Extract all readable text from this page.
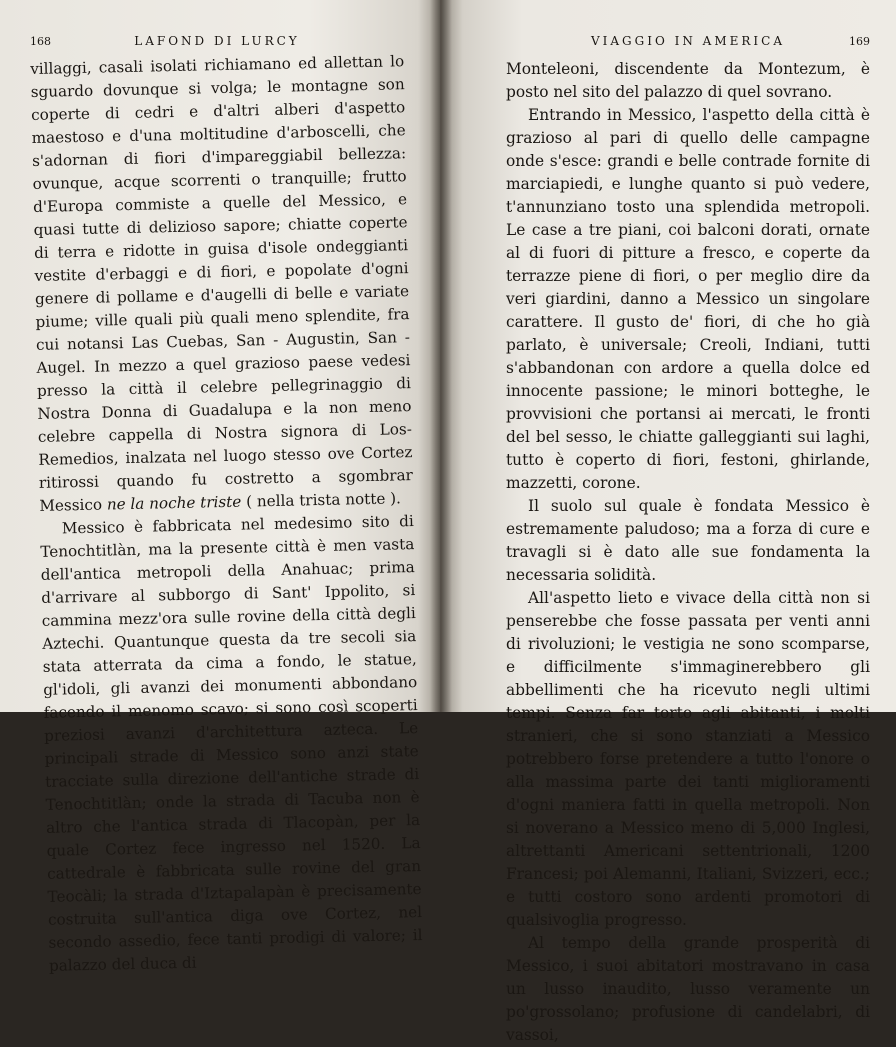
168	LAFOND DI LURCY

villaggi, casali isolati richiamano ed allettan lo sguardo dovunque si volga; le montagne son coperte di cedri e d'altri alberi d'aspetto maestoso e d'una moltitudine d'arboscelli, che s'adornan di fiori d'impareggiabil bellezza: ovunque, acque scorrenti o tranquille; frutto d'Europa commiste a quelle del Messico, e quasi tutte di delizioso sapore; chiatte coperte di terra e ridotte in guisa d'isole ondeggianti vestite d'erbaggi e di fiori, e popolate d'ogni genere di pollame e d'augelli di belle e variate piume; ville quali più quali meno splendite, fra cui notansi Las Cuebas, San - Augustin, San - Augel. In mezzo a quel grazioso paese vedesi presso la città il celebre pellegrinaggio di Nostra Donna di Guadalupa e la non meno celebre cappella di Nostra signora di Los-Remedios, inalzata nel luogo stesso ove Cortez ritirossi quando fu costretto a sgombrar Messico ne la noche triste ( nella trista notte ).

Messico è fabbricata nel medesimo sito di Tenochtitlàn, ma la presente città è men vasta dell'antica metropoli della Anahuac; prima d'arrivare al subborgo di Sant' Ippolito, si cammina mezz'ora sulle rovine della città degli Aztechi. Quantunque questa da tre secoli sia stata atterrata da cima a fondo, le statue, gl'idoli, gli avanzi dei monumenti abbondano facendo il menomo scavo; si sono così scoperti preziosi avanzi d'architettura azteca. Le principali strade di Messico sono anzi state tracciate sulla direzione dell'antiche strade di Tenochtitlàn; onde la strada di Tacuba non è altro che l'antica strada di Tlacopàn, per la quale Cortez fece ingresso nel 1520. La cattedrale è fabbricata sulle rovine del gran Teocàli; la strada d'Iztapalapàn è precisamente costruita sull'antica diga ove Cortez, nel secondo assedio, fece tanti prodigi di valore; il palazzo del duca di

VIAGGIO IN AMERICA	169

Monteleoni, discendente da Montezum, è posto nel sito del palazzo di quel sovrano.

Entrando in Messico, l'aspetto della città è grazioso al pari di quello delle campagne onde s'esce: grandi e belle contrade fornite di marciapiedi, e lunghe quanto si può vedere, t'annunziano tosto una splendida metropoli. Le case a tre piani, coi balconi dorati, ornate al di fuori di pitture a fresco, e coperte da terrazze piene di fiori, o per meglio dire da veri giardini, danno a Messico un singolare carattere. Il gusto de' fiori, di che ho già parlato, è universale; Creoli, Indiani, tutti s'abbandonan con ardore a quella dolce ed innocente passione; le minori botteghe, le provvisioni che portansi ai mercati, le fronti del bel sesso, le chiatte galleggianti sui laghi, tutto è coperto di fiori, festoni, ghirlande, mazzetti, corone.

Il suolo sul quale è fondata Messico è estremamente paludoso; ma a forza di cure e travagli si è dato alle sue fondamenta la necessaria solidità.

All'aspetto lieto e vivace della città non si penserebbe che fosse passata per venti anni di rivoluzioni; le vestigia ne sono scomparse, e difficilmente s'immaginerebbero gli abbellimenti che ha ricevuto negli ultimi tempi. Senza far torto agli abitanti, i molti stranieri, che si sono stanziati a Messico potrebbero forse pretendere a tutto l'onore o alla massima parte dei tanti miglioramenti d'ogni maniera fatti in quella metropoli. Non si noverano a Messico meno di 5,000 Inglesi, altrettanti Americani settentrionali, 1200 Francesi; poi Alemanni, Italiani, Svizzeri, ecc.; e tutti costoro sono ardenti promotori di qualsivoglia progresso.

Al tempo della grande prosperità di Messico, i suoi abitatori mostravano in casa un lusso inaudito, lusso veramente un po'grossolano; profusione di candelabri, di vassoi,
